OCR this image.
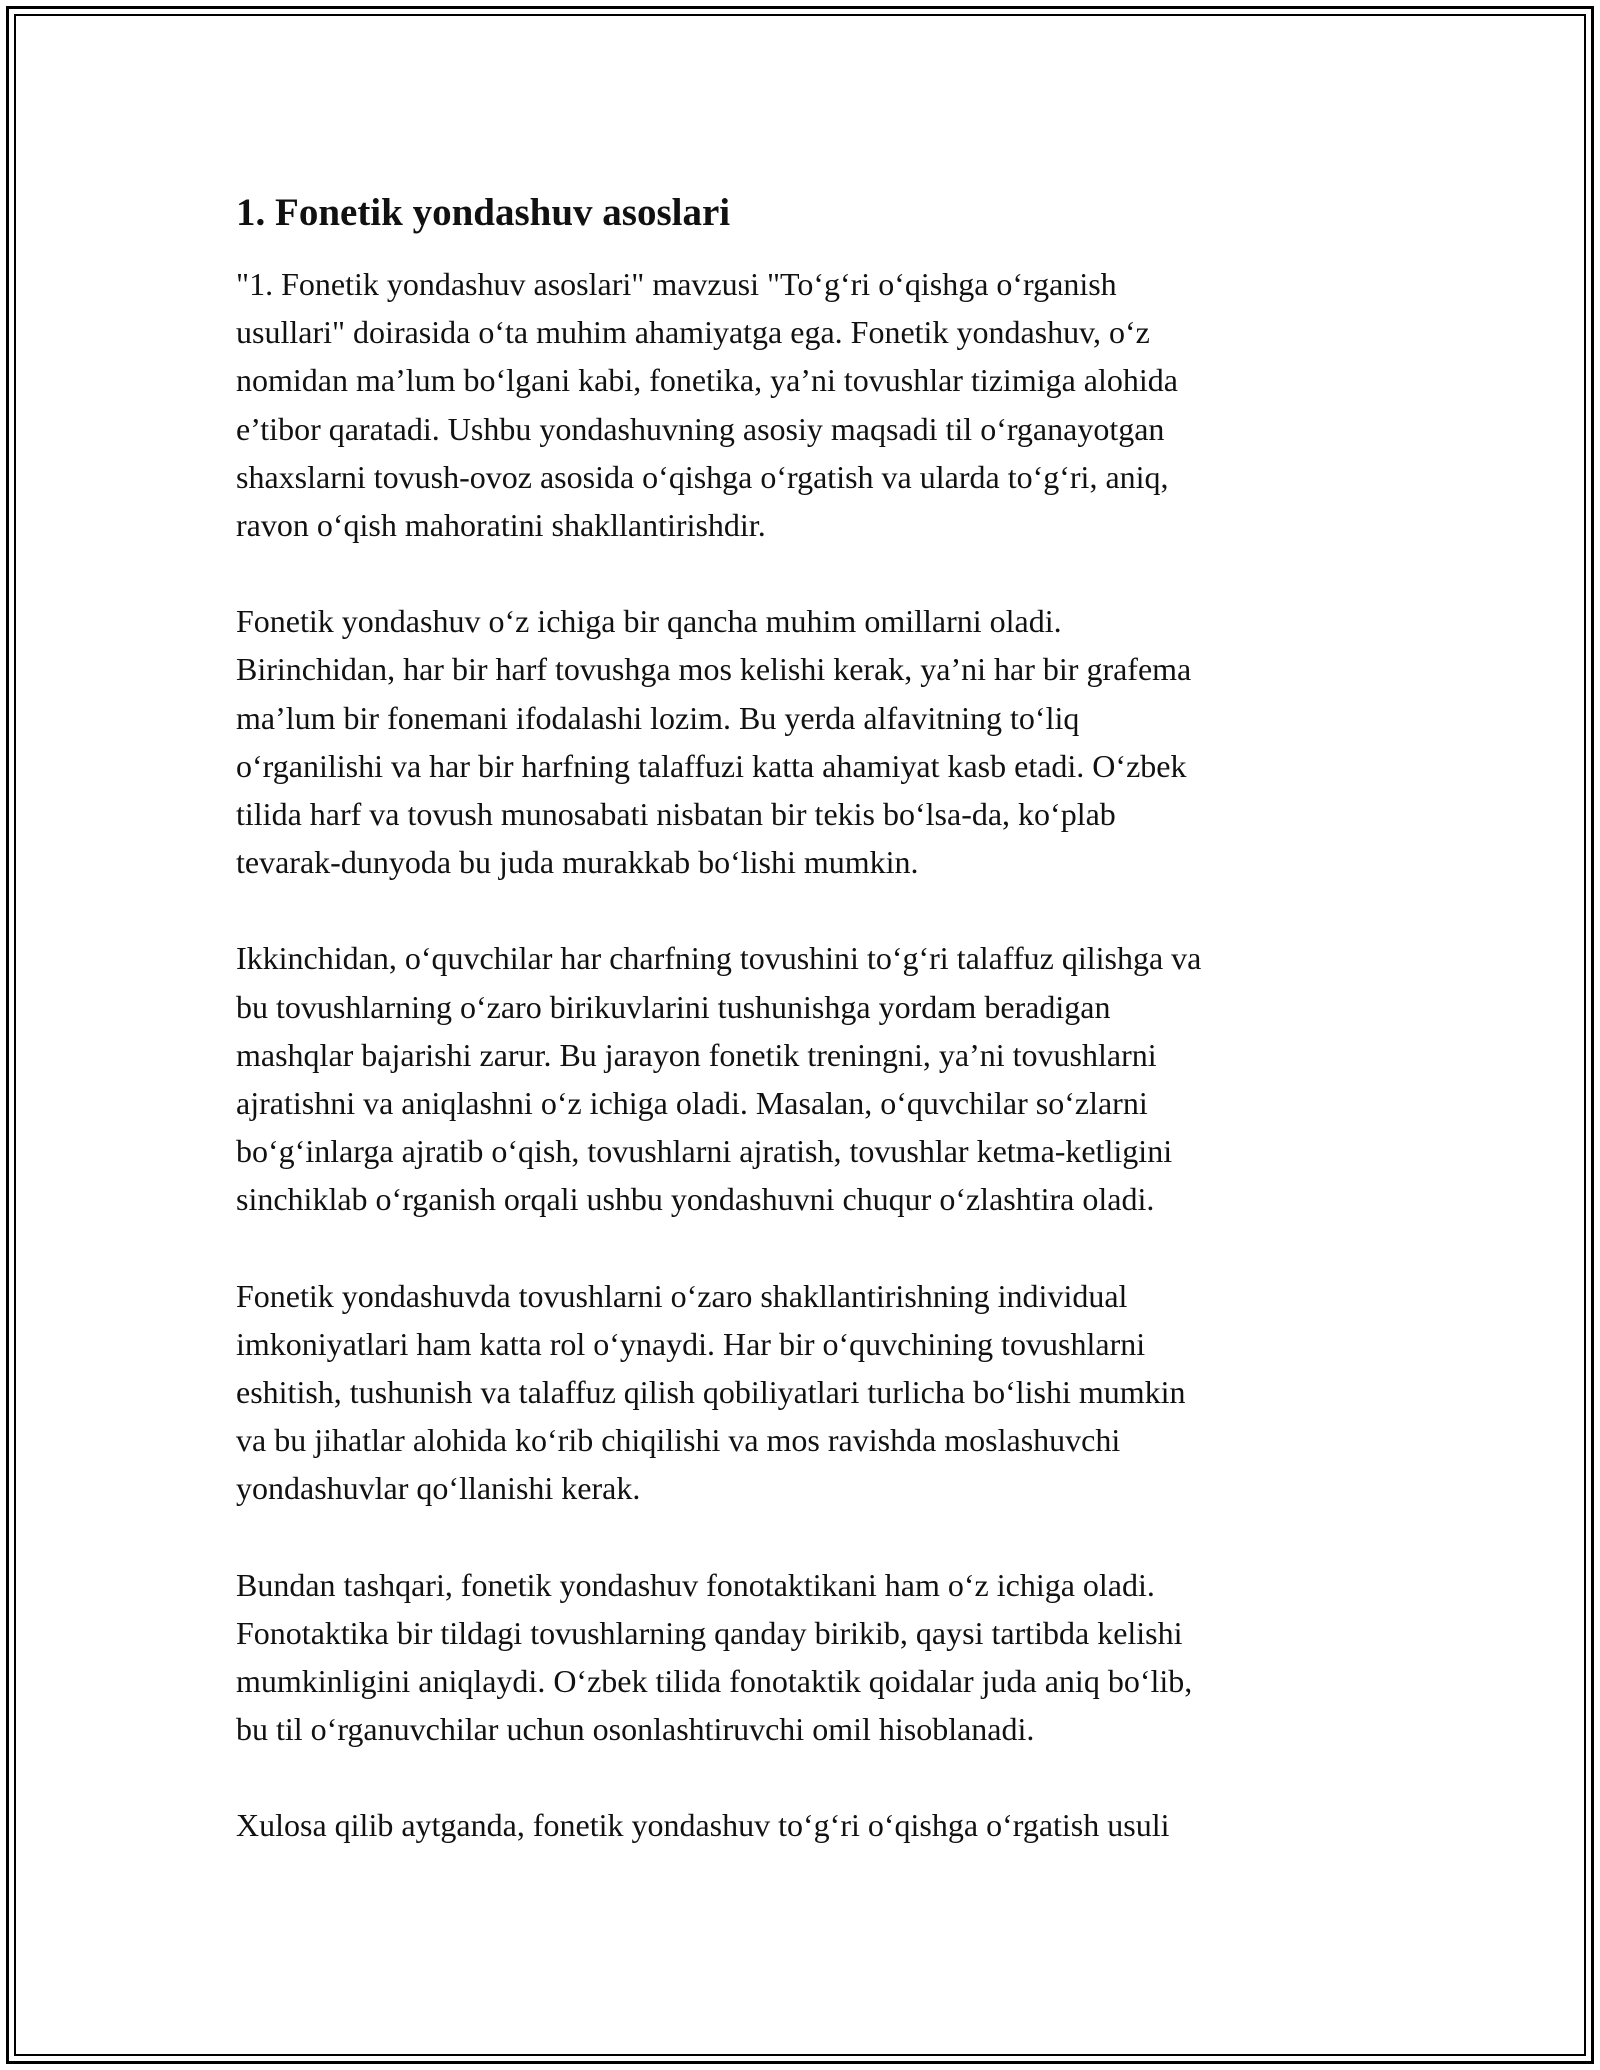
1. Fonetik yondashuv asoslari

"1. Fonetik yondashuv asoslari" mavzusi "To‘g‘ri o‘qishga o‘rganish
usullari" doirasida o‘ta muhim ahamiyatga ega. Fonetik yondashuv, o‘z
nomidan ma’lum bo‘lgani kabi, fonetika, ya’ni tovushlar tizimiga alohida
e’tibor qaratadi. Ushbu yondashuvning asosiy maqsadi til o‘rganayotgan
shaxslarni tovush-ovoz asosida o‘qishga o‘rgatish va ularda to‘g‘ri, aniq,
ravon o‘qish mahoratini shakllantirishdir.

Fonetik yondashuv o‘z ichiga bir qancha muhim omillarni oladi.
Birinchidan, har bir harf tovushga mos kelishi kerak, ya’ni har bir grafema
ma’lum bir fonemani ifodalashi lozim. Bu yerda alfavitning to‘liq
o‘rganilishi va har bir harfning talaffuzi katta ahamiyat kasb etadi. O‘zbek
tilida harf va tovush munosabati nisbatan bir tekis bo‘lsa-da, ko‘plab
tevarak-dunyoda bu juda murakkab bo‘lishi mumkin.

Ikkinchidan, o‘quvchilar har charfning tovushini to‘g‘ri talaffuz qilishga va
bu tovushlarning o‘zaro birikuvlarini tushunishga yordam beradigan
mashqlar bajarishi zarur. Bu jarayon fonetik treningni, ya’ni tovushlarni
ajratishni va aniqlashni o‘z ichiga oladi. Masalan, o‘quvchilar so‘zlarni
bo‘g‘inlarga ajratib o‘qish, tovushlarni ajratish, tovushlar ketma-ketligini
sinchiklab o‘rganish orqali ushbu yondashuvni chuqur o‘zlashtira oladi.

Fonetik yondashuvda tovushlarni o‘zaro shakllantirishning individual
imkoniyatlari ham katta rol o‘ynaydi. Har bir o‘quvchining tovushlarni
eshitish, tushunish va talaffuz qilish qobiliyatlari turlicha bo‘lishi mumkin
va bu jihatlar alohida ko‘rib chiqilishi va mos ravishda moslashuvchi
yondashuvlar qo‘llanishi kerak.

Bundan tashqari, fonetik yondashuv fonotaktikani ham o‘z ichiga oladi.
Fonotaktika bir tildagi tovushlarning qanday birikib, qaysi tartibda kelishi
mumkinligini aniqlaydi. O‘zbek tilida fonotaktik qoidalar juda aniq bo‘lib,
bu til o‘rganuvchilar uchun osonlashtiruvchi omil hisoblanadi.

Xulosa qilib aytganda, fonetik yondashuv to‘g‘ri o‘qishga o‘rgatish usuli
